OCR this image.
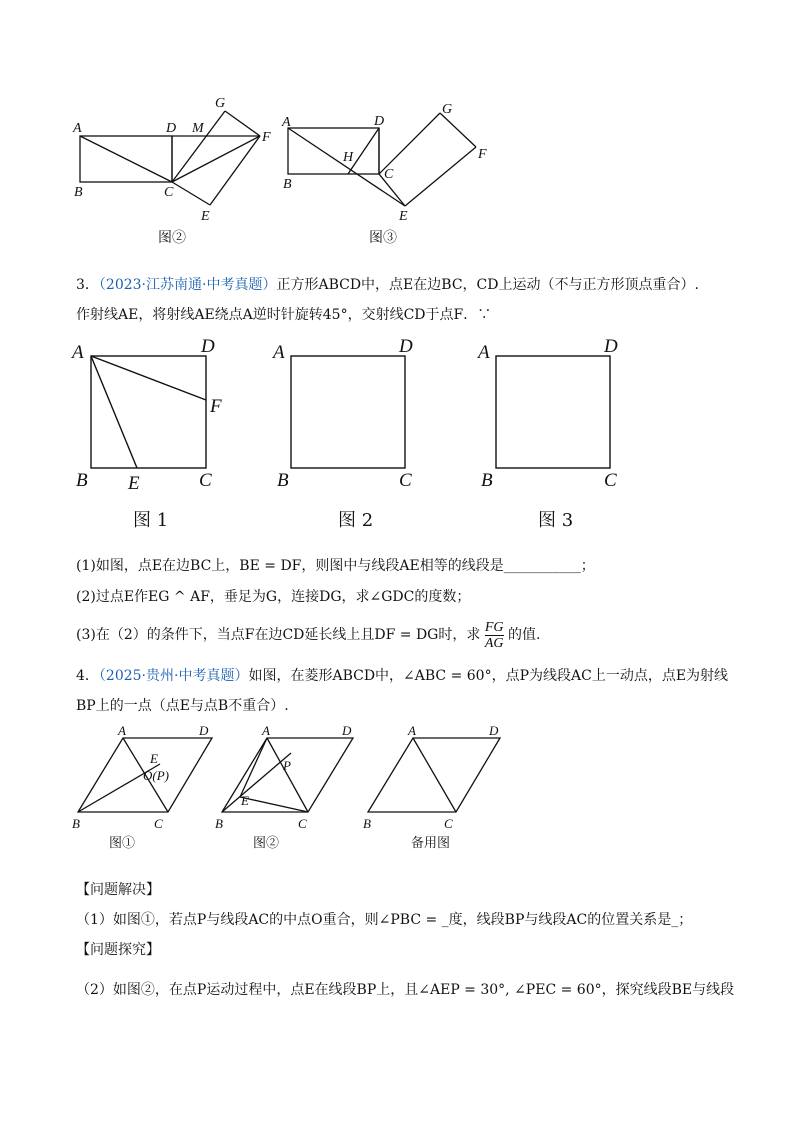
A	D M
G
F
B	C
E
图②
A	D
G
F
H
C
B
E
图③
3．（2023·江苏南通·中考真题）正方形ABCD中，点E在边BC，CD上运动（不与正方形顶点重合）.
作射线AE，将射线AE绕点A逆时针旋转45°，交射线CD于点F．∵
A	D
F
B E	C
图 1
A	D
B	C
图 2
A	D
B	C
图 3
(1)如图，点E在边BC上，BE = DF，则图中与线段AE相等的线段是___________；
(2)过点E作EG ^ AF，垂足为G，连接DG，求∠GDC的度数；
(3)在（2）的条件下，当点F在边CD延长线上且DF = DG时，求 $\frac{FG}{AG}$ 的值.
4．（2025·贵州·中考真题）如图，在菱形ABCD中，∠ABC = 60°，点P为线段AC上一动点，点E为射线
BP上的一点（点E与点B不重合）.
A	D
E
O(P)
B	C
图①
A	D
P
E
B	C
图②
A	D
B	C
备用图
【问题解决】
（1）如图①，若点P与线段AC的中点O重合，则∠PBC = _度，线段BP与线段AC的位置关系是_；
【问题探究】
（2）如图②，在点P运动过程中，点E在线段BP上，且∠AEP = 30°, ∠PEC = 60°，探究线段BE与线段
